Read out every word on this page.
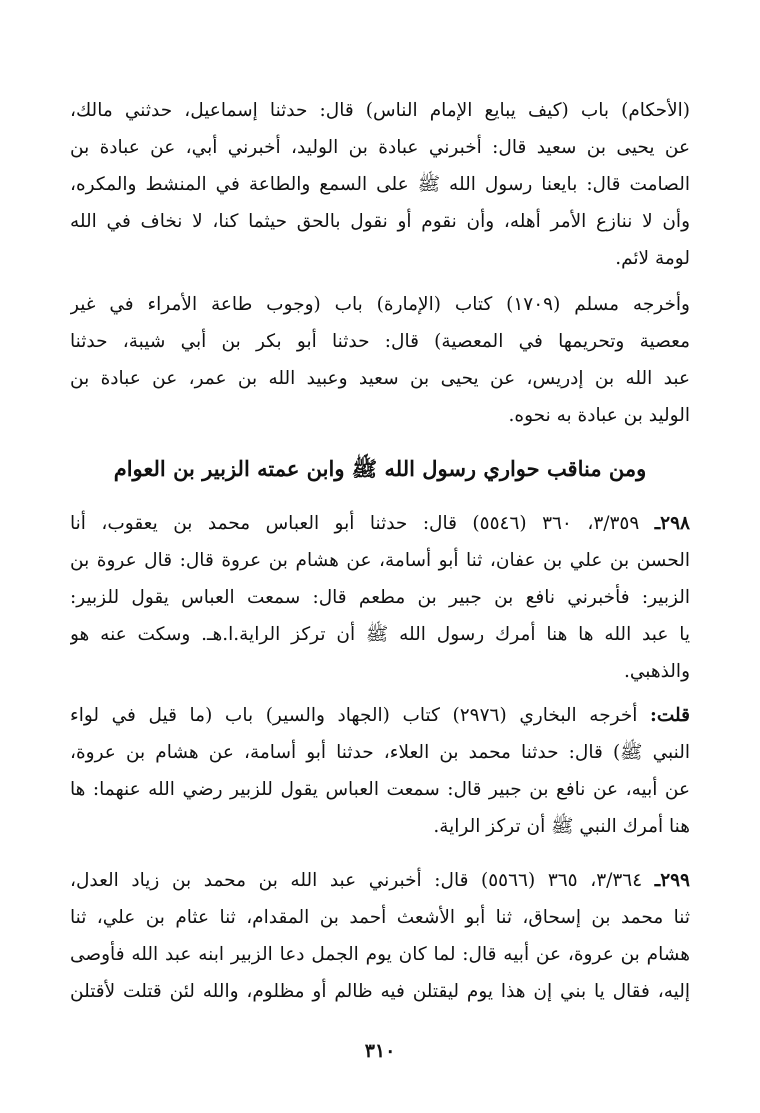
(الأحكام) باب (كيف يبايع الإمام الناس) قال: حدثنا إسماعيل، حدثني مالك،
عن يحيى بن سعيد قال: أخبرني عبادة بن الوليد، أخبرني أبي، عن عبادة بن
الصامت قال: بايعنا رسول الله ﷺ على السمع والطاعة في المنشط والمكره،
وأن لا ننازع الأمر أهله، وأن نقوم أو نقول بالحق حيثما كنا، لا نخاف في الله
لومة لائم.
وأخرجه مسلم (١٧٠٩) كتاب (الإمارة) باب (وجوب طاعة الأمراء في غير
معصية وتحريمها في المعصية) قال: حدثنا أبو بكر بن أبي شيبة، حدثنا
عبد الله بن إدريس، عن يحيى بن سعيد وعبيد الله بن عمر، عن عبادة بن
الوليد بن عبادة به نحوه.
ومن مناقب حواري رسول الله ﷺ وابن عمته الزبير بن العوام
٢٩٨ـ ٣/٣٥٩، ٣٦٠ (٥٥٤٦) قال: حدثنا أبو العباس محمد بن يعقوب، أنا
الحسن بن علي بن عفان، ثنا أبو أسامة، عن هشام بن عروة قال: قال عروة بن
الزبير: فأخبرني نافع بن جبير بن مطعم قال: سمعت العباس يقول للزبير:
يا عبد الله ها هنا أمرك رسول الله ﷺ أن تركز الراية.ا.هـ. وسكت عنه هو
والذهبي.
قلت: أخرجه البخاري (٢٩٧٦) كتاب (الجهاد والسير) باب (ما قيل في لواء
النبي ﷺ) قال: حدثنا محمد بن العلاء، حدثنا أبو أسامة، عن هشام بن عروة،
عن أبيه، عن نافع بن جبير قال: سمعت العباس يقول للزبير رضي الله عنهما: ها
هنا أمرك النبي ﷺ أن تركز الراية.
٢٩٩ـ ٣/٣٦٤، ٣٦٥ (٥٥٦٦) قال: أخبرني عبد الله بن محمد بن زياد العدل،
ثنا محمد بن إسحاق، ثنا أبو الأشعث أحمد بن المقدام، ثنا عثام بن علي، ثنا
هشام بن عروة، عن أبيه قال: لما كان يوم الجمل دعا الزبير ابنه عبد الله فأوصى
إليه، فقال يا بني إن هذا يوم ليقتلن فيه ظالم أو مظلوم، والله لئن قتلت لأقتلن
٣١٠
